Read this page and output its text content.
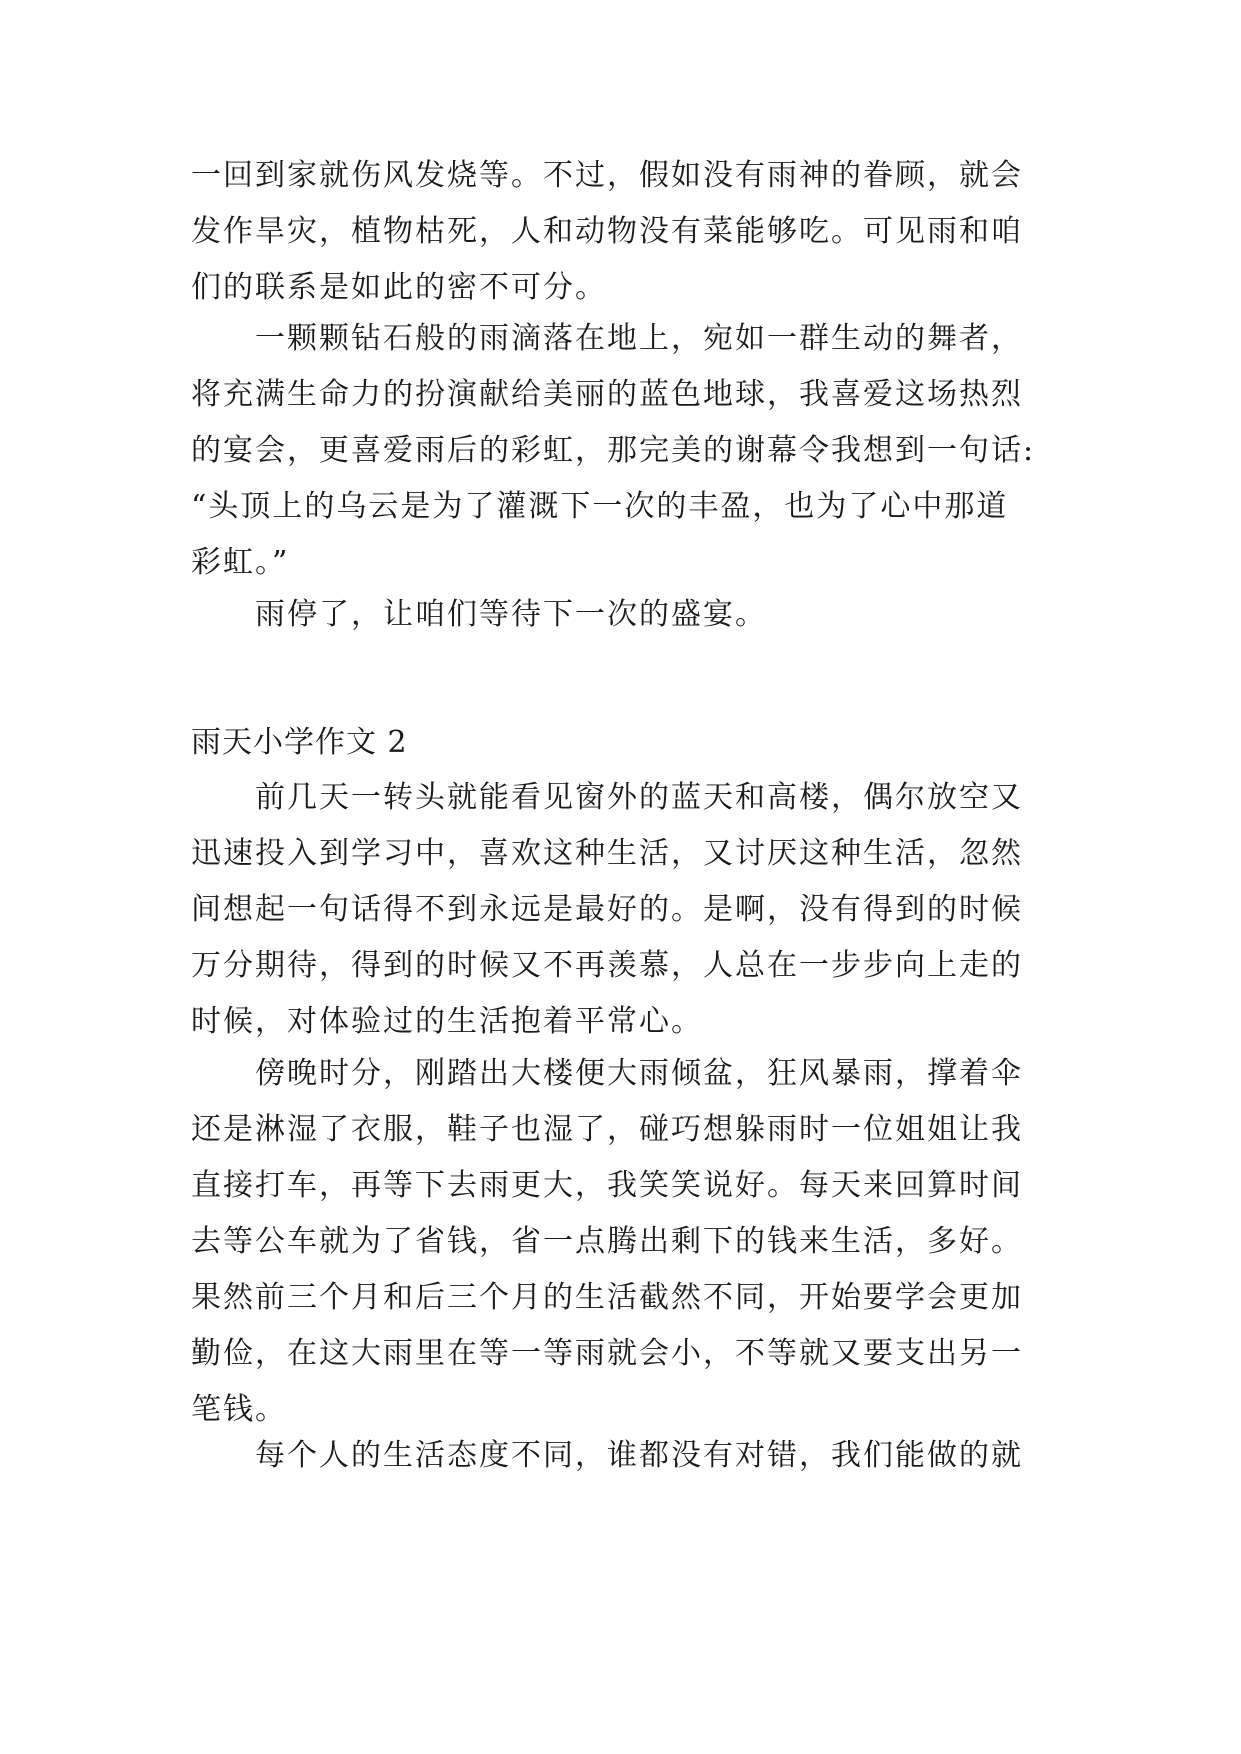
一回到家就伤风发烧等。不过，假如没有雨神的眷顾，就会
发作旱灾，植物枯死，人和动物没有菜能够吃。可见雨和咱
们的联系是如此的密不可分。
一颗颗钻石般的雨滴落在地上，宛如一群生动的舞者，
将充满生命力的扮演献给美丽的蓝色地球，我喜爱这场热烈
的宴会，更喜爱雨后的彩虹，那完美的谢幕令我想到一句话:
“头顶上的乌云是为了灌溉下一次的丰盈，也为了心中那道
彩虹。”
雨停了，让咱们等待下一次的盛宴。
雨天小学作文 2
前几天一转头就能看见窗外的蓝天和高楼，偶尔放空又
迅速投入到学习中，喜欢这种生活，又讨厌这种生活，忽然
间想起一句话得不到永远是最好的。是啊，没有得到的时候
万分期待，得到的时候又不再羡慕，人总在一步步向上走的
时候，对体验过的生活抱着平常心。
傍晚时分，刚踏出大楼便大雨倾盆，狂风暴雨，撑着伞
还是淋湿了衣服，鞋子也湿了，碰巧想躲雨时一位姐姐让我
直接打车，再等下去雨更大，我笑笑说好。每天来回算时间
去等公车就为了省钱，省一点腾出剩下的钱来生活，多好。
果然前三个月和后三个月的生活截然不同，开始要学会更加
勤俭，在这大雨里在等一等雨就会小，不等就又要支出另一
笔钱。
每个人的生活态度不同，谁都没有对错，我们能做的就
